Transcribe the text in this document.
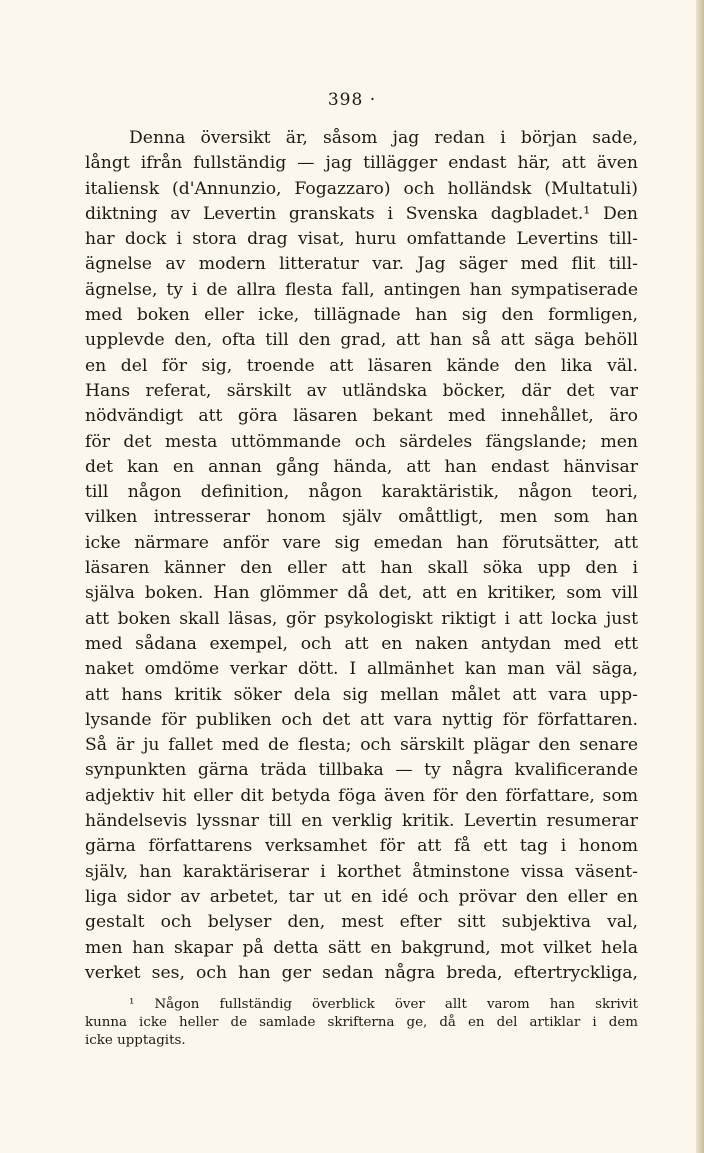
398 ·
Denna översikt är, såsom jag redan i början sade,
långt ifrån fullständig — jag tillägger endast här, att även
italiensk (d'Annunzio, Fogazzaro) och holländsk (Multatuli)
diktning av Levertin granskats i Svenska dagbladet.¹ Den
har dock i stora drag visat, huru omfattande Levertins till-
ägnelse av modern litteratur var. Jag säger med flit till-
ägnelse, ty i de allra flesta fall, antingen han sympatiserade
med boken eller icke, tillägnade han sig den formligen,
upplevde den, ofta till den grad, att han så att säga behöll
en del för sig, troende att läsaren kände den lika väl.
Hans referat, särskilt av utländska böcker, där det var
nödvändigt att göra läsaren bekant med innehållet, äro
för det mesta uttömmande och särdeles fängslande; men
det kan en annan gång hända, att han endast hänvisar
till någon definition, någon karaktäristik, någon teori,
vilken intresserar honom själv omåttligt, men som han
icke närmare anför vare sig emedan han förutsätter, att
läsaren känner den eller att han skall söka upp den i
själva boken. Han glömmer då det, att en kritiker, som vill
att boken skall läsas, gör psykologiskt riktigt i att locka just
med sådana exempel, och att en naken antydan med ett
naket omdöme verkar dött. I allmänhet kan man väl säga,
att hans kritik söker dela sig mellan målet att vara upp-
lysande för publiken och det att vara nyttig för författaren.
Så är ju fallet med de flesta; och särskilt plägar den senare
synpunkten gärna träda tillbaka — ty några kvalificerande
adjektiv hit eller dit betyda föga även för den författare, som
händelsevis lyssnar till en verklig kritik. Levertin resumerar
gärna författarens verksamhet för att få ett tag i honom
själv, han karaktäriserar i korthet åtminstone vissa väsent-
liga sidor av arbetet, tar ut en idé och prövar den eller en
gestalt och belyser den, mest efter sitt subjektiva val,
men han skapar på detta sätt en bakgrund, mot vilket hela
verket ses, och han ger sedan några breda, eftertryckliga,
¹ Någon fullständig överblick över allt varom han skrivit
kunna icke heller de samlade skrifterna ge, då en del artiklar i dem
icke upptagits.
